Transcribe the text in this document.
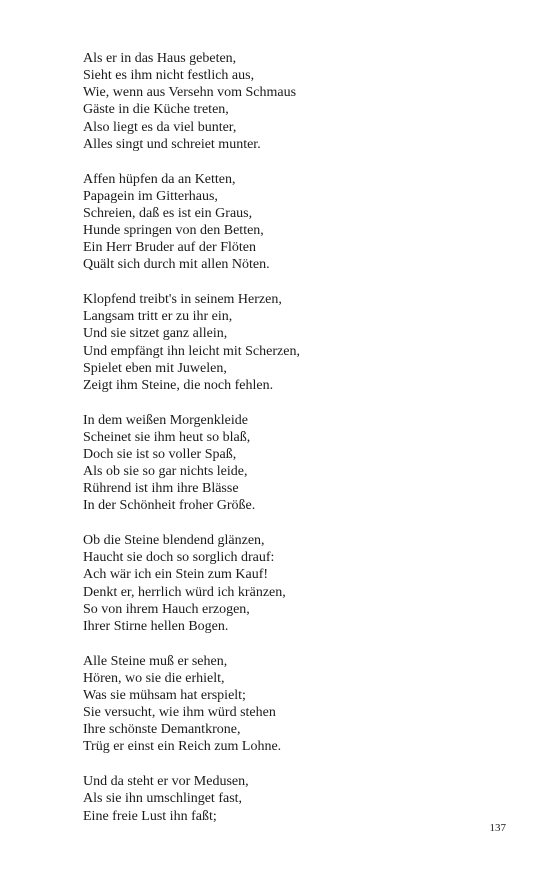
Als er in das Haus gebeten,
Sieht es ihm nicht festlich aus,
Wie, wenn aus Versehn vom Schmaus
Gäste in die Küche treten,
Also liegt es da viel bunter,
Alles singt und schreiet munter.
Affen hüpfen da an Ketten,
Papagein im Gitterhaus,
Schreien, daß es ist ein Graus,
Hunde springen von den Betten,
Ein Herr Bruder auf der Flöten
Quält sich durch mit allen Nöten.
Klopfend treibt's in seinem Herzen,
Langsam tritt er zu ihr ein,
Und sie sitzet ganz allein,
Und empfängt ihn leicht mit Scherzen,
Spielet eben mit Juwelen,
Zeigt ihm Steine, die noch fehlen.
In dem weißen Morgenkleide
Scheinet sie ihm heut so blaß,
Doch sie ist so voller Spaß,
Als ob sie so gar nichts leide,
Rührend ist ihm ihre Blässe
In der Schönheit froher Größe.
Ob die Steine blendend glänzen,
Haucht sie doch so sorglich drauf:
Ach wär ich ein Stein zum Kauf!
Denkt er, herrlich würd ich kränzen,
So von ihrem Hauch erzogen,
Ihrer Stirne hellen Bogen.
Alle Steine muß er sehen,
Hören, wo sie die erhielt,
Was sie mühsam hat erspielt;
Sie versucht, wie ihm würd stehen
Ihre schönste Demantkrone,
Trüg er einst ein Reich zum Lohne.
Und da steht er vor Medusen,
Als sie ihn umschlinget fast,
Eine freie Lust ihn faßt;
137
